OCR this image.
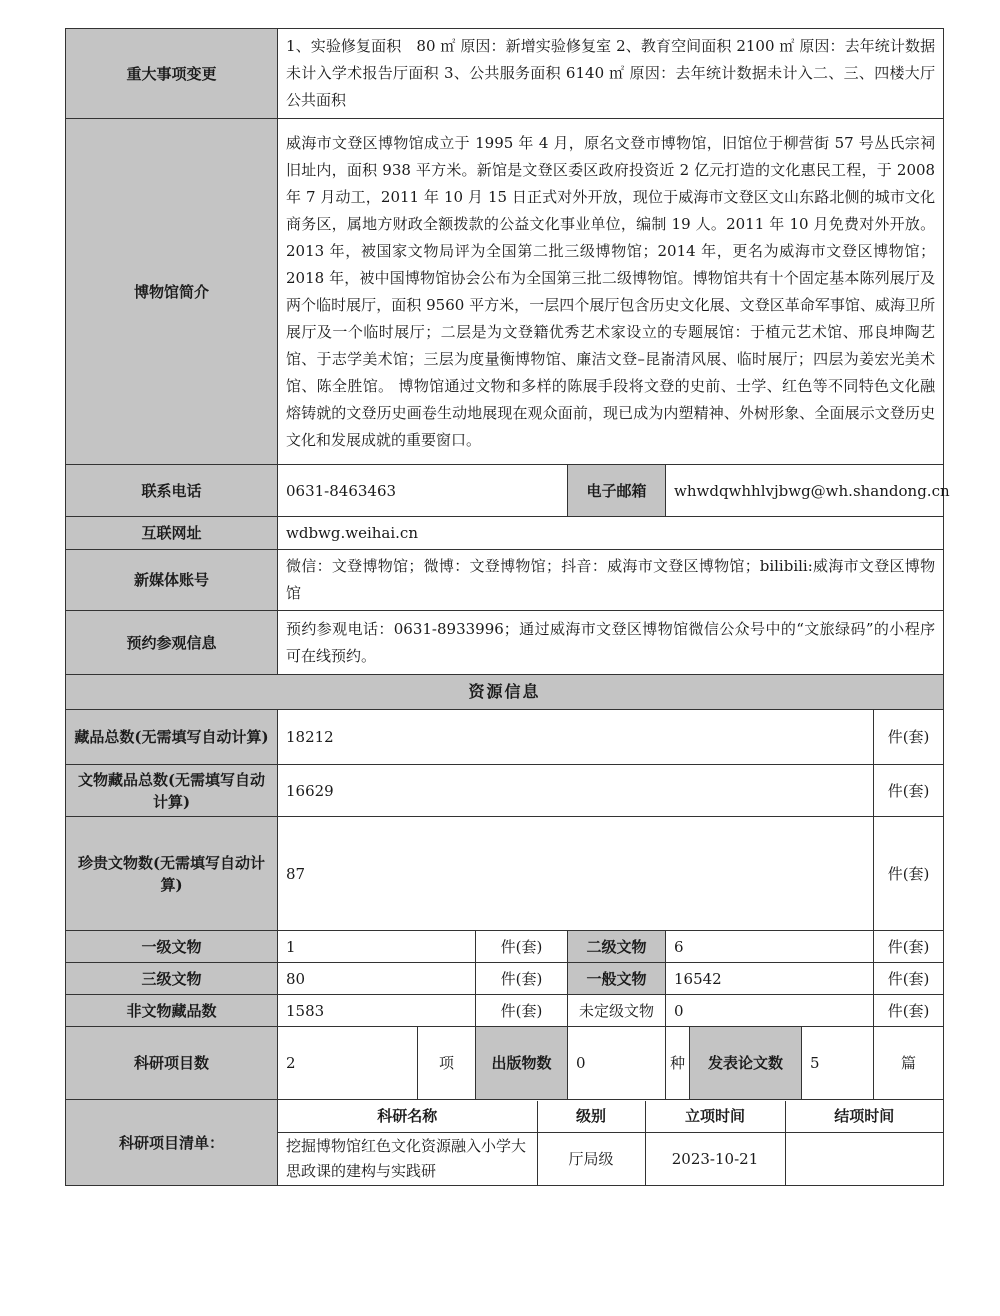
重大事项变更	1、实验修复面积　80 ㎡ 原因：新增实验修复室 2、教育空间面积 2100 ㎡ 原因：去年统计数据未计入学术报告厅面积 3、公共服务面积 6140 ㎡ 原因：去年统计数据未计入二、三、四楼大厅公共面积
博物馆简介	威海市文登区博物馆成立于 1995 年 4 月，原名文登市博物馆，旧馆位于柳营街 57 号丛氏宗祠旧址内，面积 938 平方米。新馆是文登区委区政府投资近 2 亿元打造的文化惠民工程，于 2008 年 7 月动工，2011 年 10 月 15 日正式对外开放，现位于威海市文登区文山东路北侧的城市文化商务区，属地方财政全额拨款的公益文化事业单位，编制 19 人。2011 年 10 月免费对外开放。2013 年，被国家文物局评为全国第二批三级博物馆；2014 年，更名为威海市文登区博物馆；2018 年，被中国博物馆协会公布为全国第三批二级博物馆。博物馆共有十个固定基本陈列展厅及两个临时展厅，面积 9560 平方米，一层四个展厅包含历史文化展、文登区革命军事馆、威海卫所展厅及一个临时展厅；二层是为文登籍优秀艺术家设立的专题展馆：于植元艺术馆、邢良坤陶艺馆、于志学美术馆；三层为度量衡博物馆、廉洁文登–昆嵛清风展、临时展厅；四层为姜宏光美术馆、陈全胜馆。 博物馆通过文物和多样的陈展手段将文登的史前、士学、红色等不同特色文化融熔铸就的文登历史画卷生动地展现在观众面前，现已成为内塑精神、外树形象、全面展示文登历史文化和发展成就的重要窗口。
联系电话	0631-8463463	电子邮箱	whwdqwhhlvjbwg@wh.shandong.cn
互联网址	wdbwg.weihai.cn
新媒体账号	微信：文登博物馆；微博：文登博物馆；抖音：威海市文登区博物馆；bilibili:威海市文登区博物馆
预约参观信息	预约参观电话：0631-8933996；通过威海市文登区博物馆微信公众号中的“文旅绿码”的小程序可在线预约。
资源信息
藏品总数(无需填写自动计算)	18212	件(套)
文物藏品总数(无需填写自动计算)	16629	件(套)
珍贵文物数(无需填写自动计算)	87	件(套)
一级文物	1	件(套)	二级文物	6	件(套)
三级文物	80	件(套)	一般文物	16542	件(套)
非文物藏品数	1583	件(套)	未定级文物	0	件(套)
科研项目数	2	项	出版物数	0	种	发表论文数	5	篇
科研项目清单：	
科研名称	级别	立项时间	结项时间
挖掘博物馆红色文化资源融入小学大思政课的建构与实践研	厅局级	2023-10-21	
